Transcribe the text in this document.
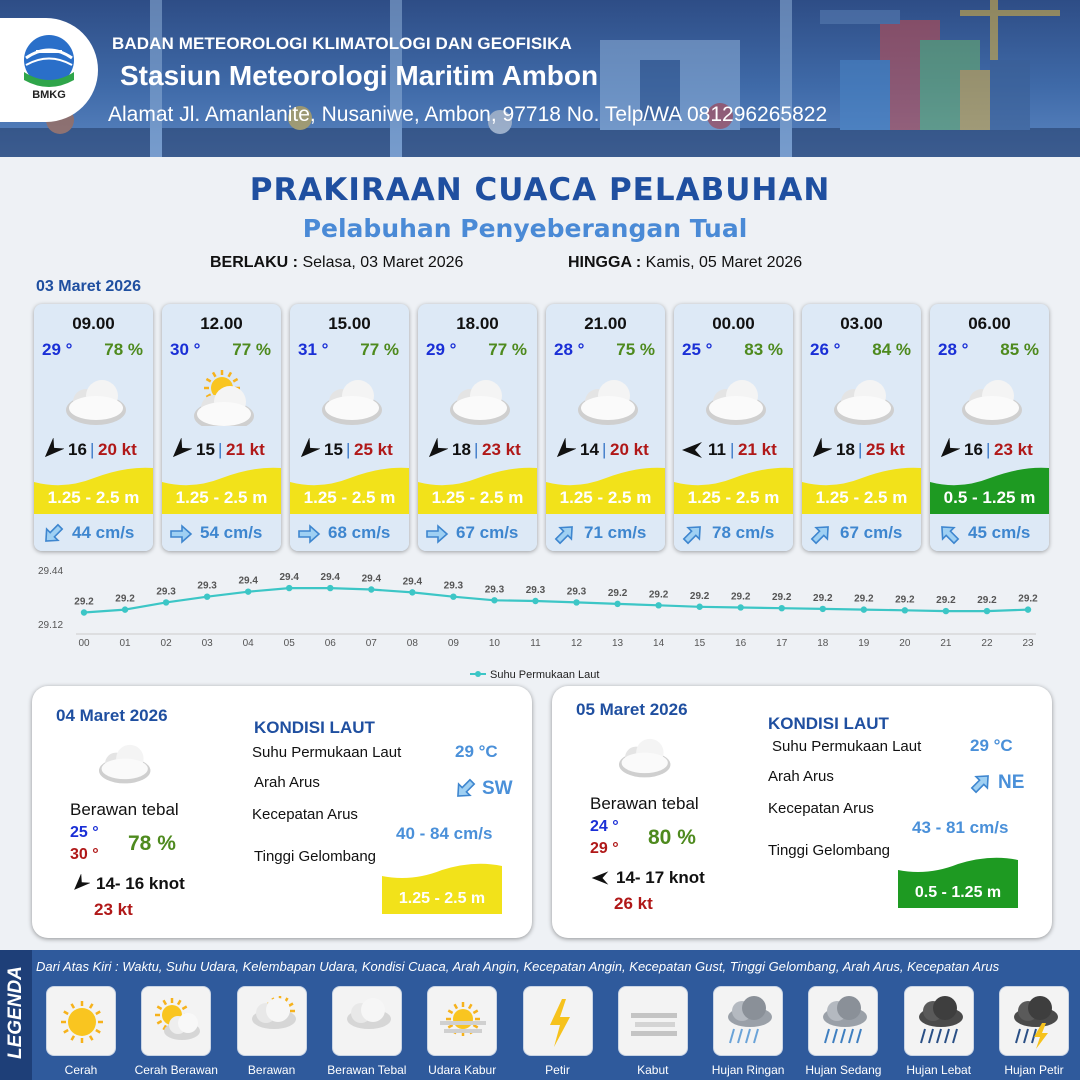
BMKG
BADAN METEOROLOGI KLIMATOLOGI DAN GEOFISIKA
Stasiun Meteorologi Maritim Ambon
Alamat Jl. Amanlanite, Nusaniwe, Ambon, 97718 No. Telp/WA 081296265822
PRAKIRAAN CUACA PELABUHAN
Pelabuhan Penyeberangan Tual
BERLAKU : Selasa, 03 Maret 2026	HINGGA : Kamis, 05 Maret 2026
03 Maret 2026
09.00
29 ° 78 %
16 | 20 kt
1.25 - 2.5 m
44 cm/s
12.00
30 ° 77 %
15 | 21 kt
1.25 - 2.5 m
54 cm/s
15.00
31 ° 77 %
15 | 25 kt
1.25 - 2.5 m
68 cm/s
18.00
29 ° 77 %
18 | 23 kt
1.25 - 2.5 m
67 cm/s
21.00
28 ° 75 %
14 | 20 kt
1.25 - 2.5 m
71 cm/s
00.00
25 ° 83 %
11 | 21 kt
1.25 - 2.5 m
78 cm/s
03.00
26 ° 84 %
18 | 25 kt
1.25 - 2.5 m
67 cm/s
06.00
28 ° 85 %
16 | 23 kt
0.5 - 1.25 m
45 cm/s
29.44
29.12
29.2
00
29.2
01
29.3
02
29.3
03
29.4
04
29.4
05
29.4
06
29.4
07
29.4
08
29.3
09
29.3
10
29.3
11
29.3
12
29.2
13
29.2
14
29.2
15
29.2
16
29.2
17
29.2
18
29.2
19
29.2
20
29.2
21
29.2
22
29.2
23
Suhu Permukaan Laut
04 Maret 2026
Berawan tebal
25 °
30 ° 78 %
14- 16 knot
23 kt
KONDISI LAUT
Suhu Permukaan Laut	29 °C
Arah Arus	SW
Kecepatan Arus
40 - 84 cm/s
Tinggi Gelombang
1.25 - 2.5 m
05 Maret 2026
Berawan tebal
24 °
29 ° 80 %
14- 17 knot
26 kt
KONDISI LAUT
Suhu Permukaan Laut	29 °C
Arah Arus	NE
Kecepatan Arus
43 - 81 cm/s
Tinggi Gelombang
0.5 - 1.25 m
LEGENDA Dari Atas Kiri : Waktu, Suhu Udara, Kelembapan Udara, Kondisi Cuaca, Arah Angin, Kecepatan Angin, Kecepatan Gust, Tinggi Gelombang, Arah Arus, Kecepatan Arus
Cerah	Cerah Berawan	Berawan	Berawan Tebal	Udara Kabur	Petir	Kabut	Hujan Ringan	Hujan Sedang	Hujan Lebat	Hujan Petir
